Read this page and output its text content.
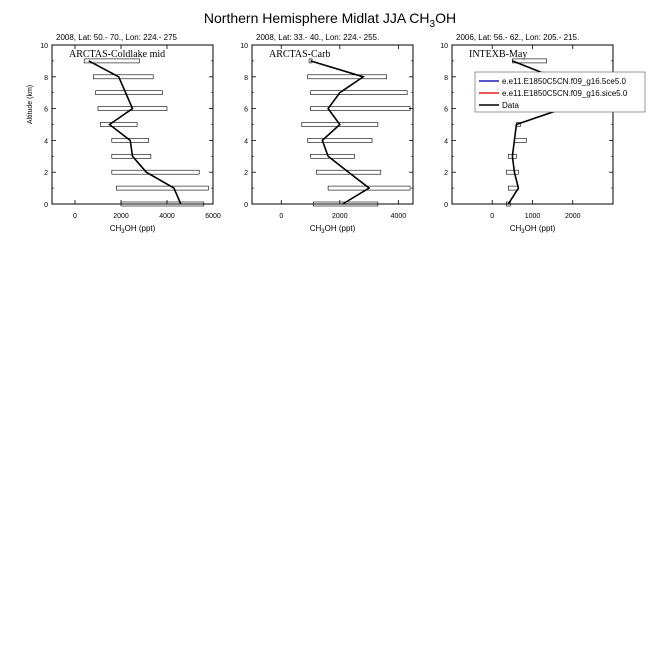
Northern Hemisphere Midlat JJA $CH_3OH$
2008, Lat: 50.- 70., Lon: 224.- 275
ARCTAS-Coldlake mid
0
2
4
6
8
10
0	2000	4000	6000
$CH_3OH$ (ppt)
Altitude (km)
2008, Lat: 33.- 40., Lon: 224.- 255.
ARCTAS-Carb
0
2
4
6
8
10
0	2000	4000
$CH_3OH$ (ppt)
2006, Lat: 56.- 62., Lon: 205.- 215.
INTEXB-May
0
2
4
6
8
10
0	1000	2000
$CH_3OH$ (ppt)
e.e11.E1850C5CN.f09_g16.5ce5.0
e.e11.E1850C5CN.f09_g16.sice5.0
Data
